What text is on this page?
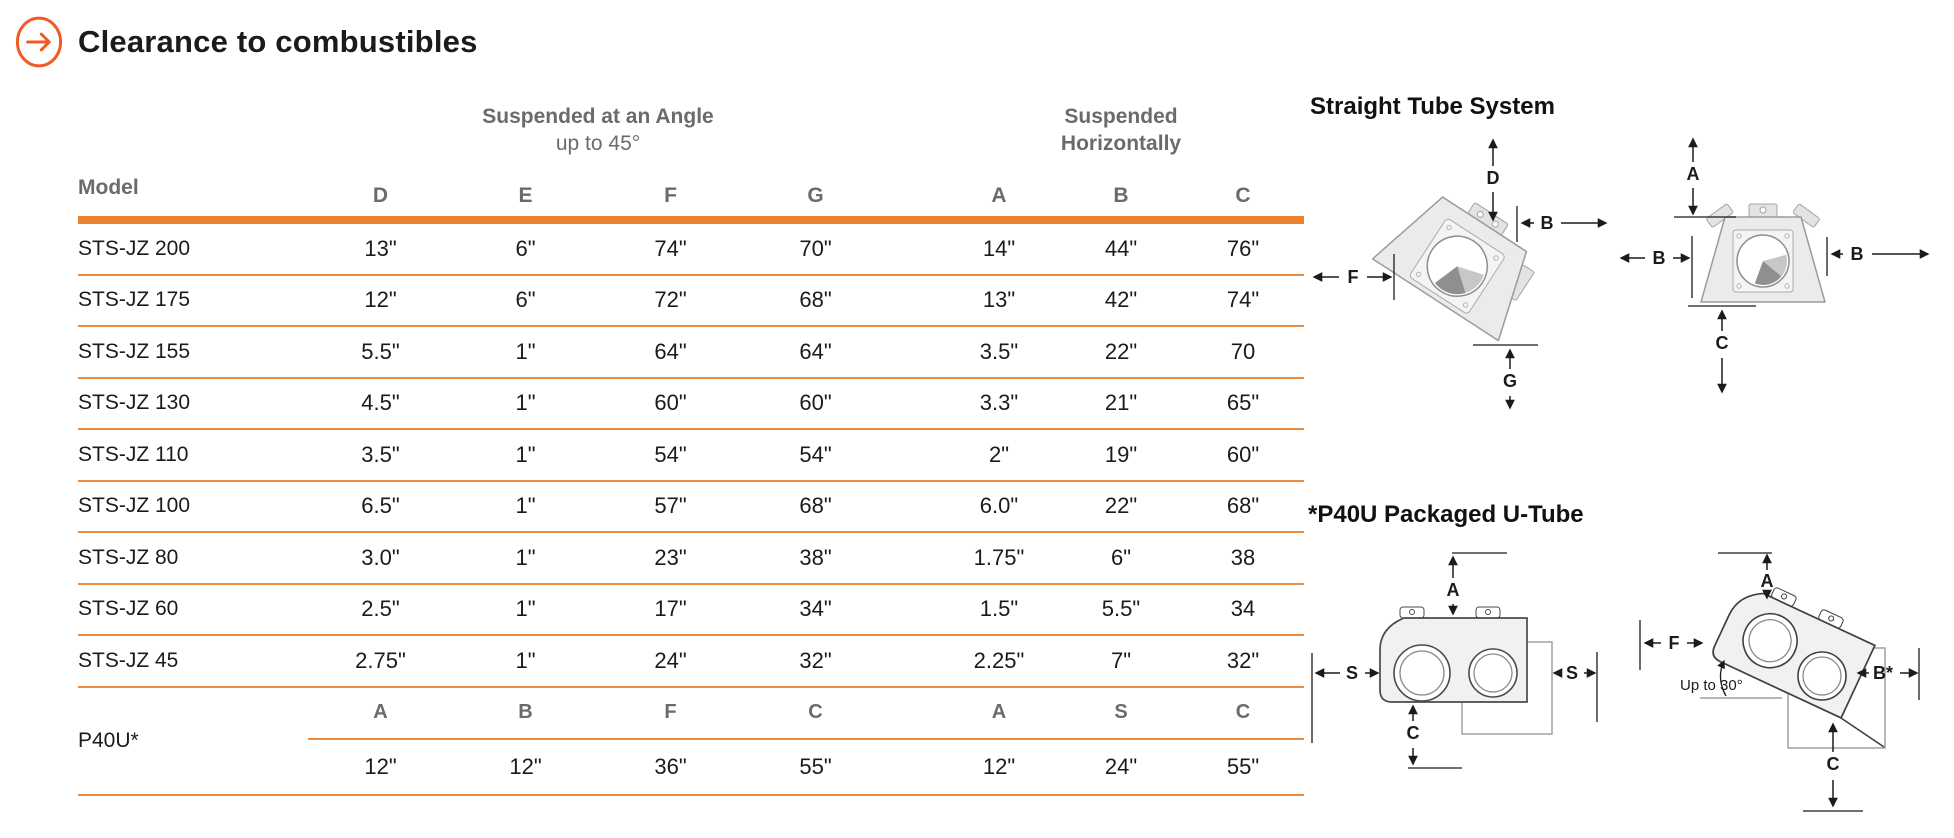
Clearance to combustibles
Suspended at an Angle
up to 45°
Suspended
Horizontally
Model	D	E	F	G	A	B	C
STS-JZ 200	13"	6"	74"	70"	14"	44"	76"
STS-JZ 175	12"	6"	72"	68"	13"	42"	74"
STS-JZ 155	5.5"	1"	64"	64"	3.5"	22"	70
STS-JZ 130	4.5"	1"	60"	60"	3.3"	21"	65"
STS-JZ 110	3.5"	1"	54"	54"	2"	19"	60"
STS-JZ 100	6.5"	1"	57"	68"	6.0"	22"	68"
STS-JZ 80	3.0"	1"	23"	38"	1.75"	6"	38
STS-JZ 60	2.5"	1"	17"	34"	1.5"	5.5"	34
STS-JZ 45	2.75"	1"	24"	32"	2.25"	7"	32"
P40U*
A	B	F	C	A	S	C
12"	12"	36"	55"	12"	24"	55"
Straight Tube System
*P40U Packaged U-Tube
D
B
F
G
A
B	B
C
A
S	S
C
A
F
Up to 30°
B*
C
